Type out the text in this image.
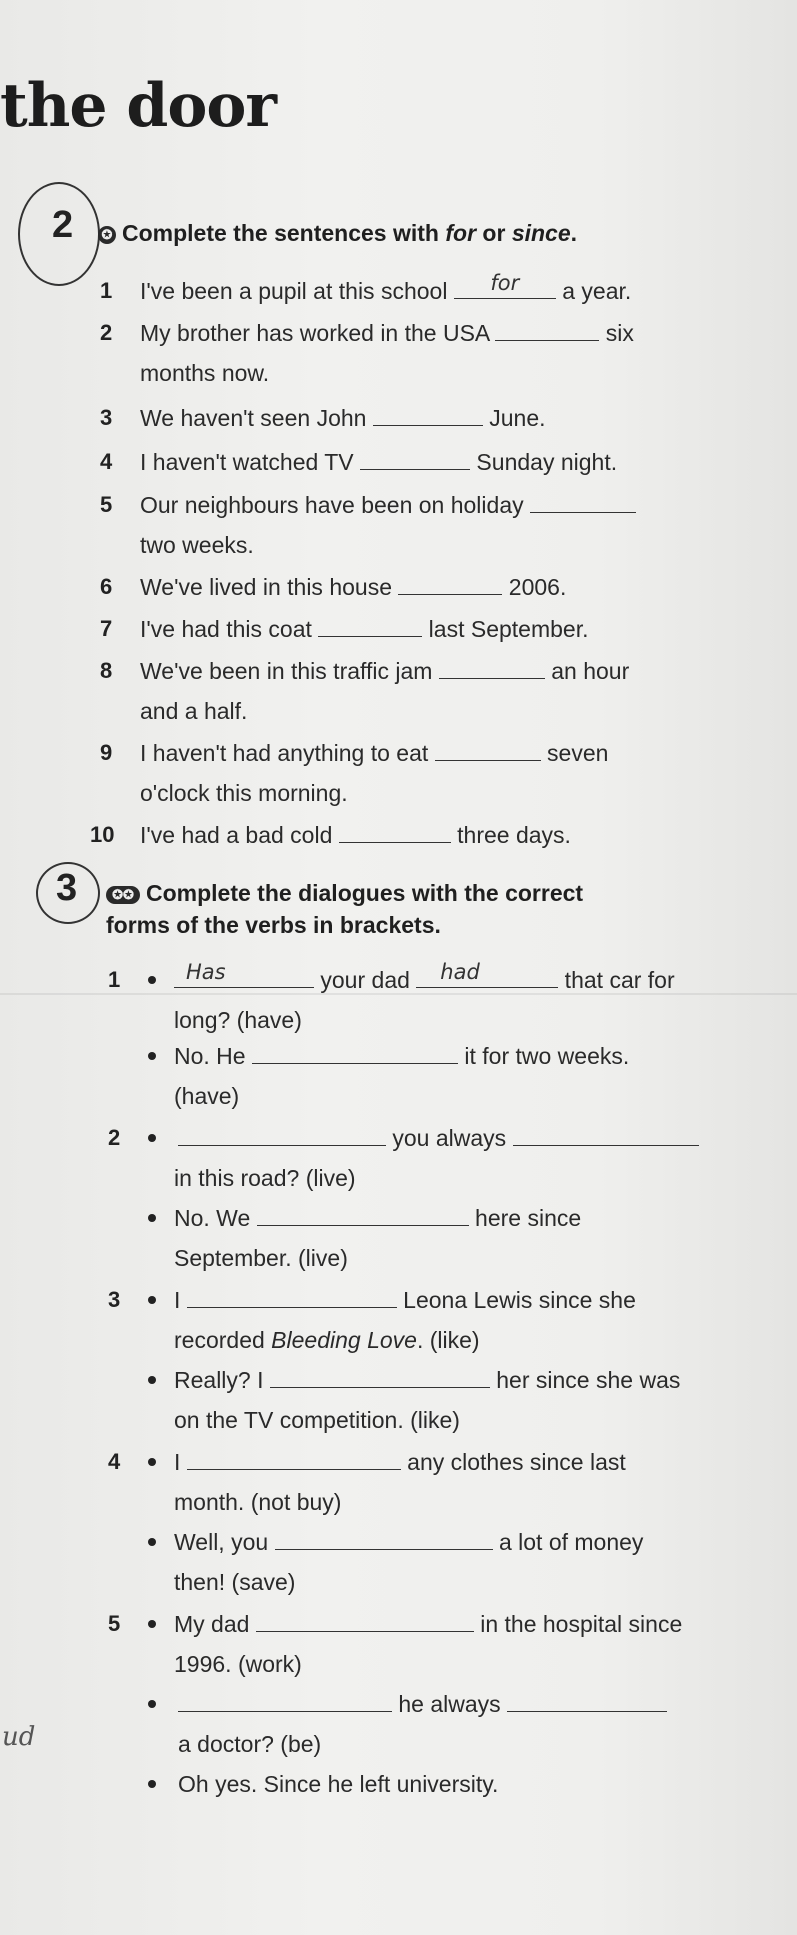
the door
2 ✪ Complete the sentences with for or since.
1 I've been a pupil at this school	for	a year.
2 My brother has worked in the USA	six
months now.
3 We haven't seen John	June.
4 I haven't watched TV	Sunday night.
5 Our neighbours have been on holiday
two weeks.
6 We've lived in this house	2006.
7 I've had this coat	last September.
8 We've been in this traffic jam	an hour
and a half.
9 I haven't had anything to eat	seven
o'clock this morning.
10 I've had a bad cold	three days.
3	✪✪ Complete the dialogues with the correct
forms of the verbs in brackets.
1	Has	your dad	had	that car for
long? (have)
No. He	it for two weeks.
(have)
2	you always
in this road? (live)
No. We	here since
September. (live)
3 I	Leona Lewis since she
recorded Bleeding Love. (like)
Really? I	her since she was
on the TV competition. (like)
4 I	any clothes since last
month. (not buy)
Well, you	a lot of money
then! (save)
5 My dad	in the hospital since
1996. (work)
he always
a doctor? (be)
Oh yes. Since he left university.
ud
